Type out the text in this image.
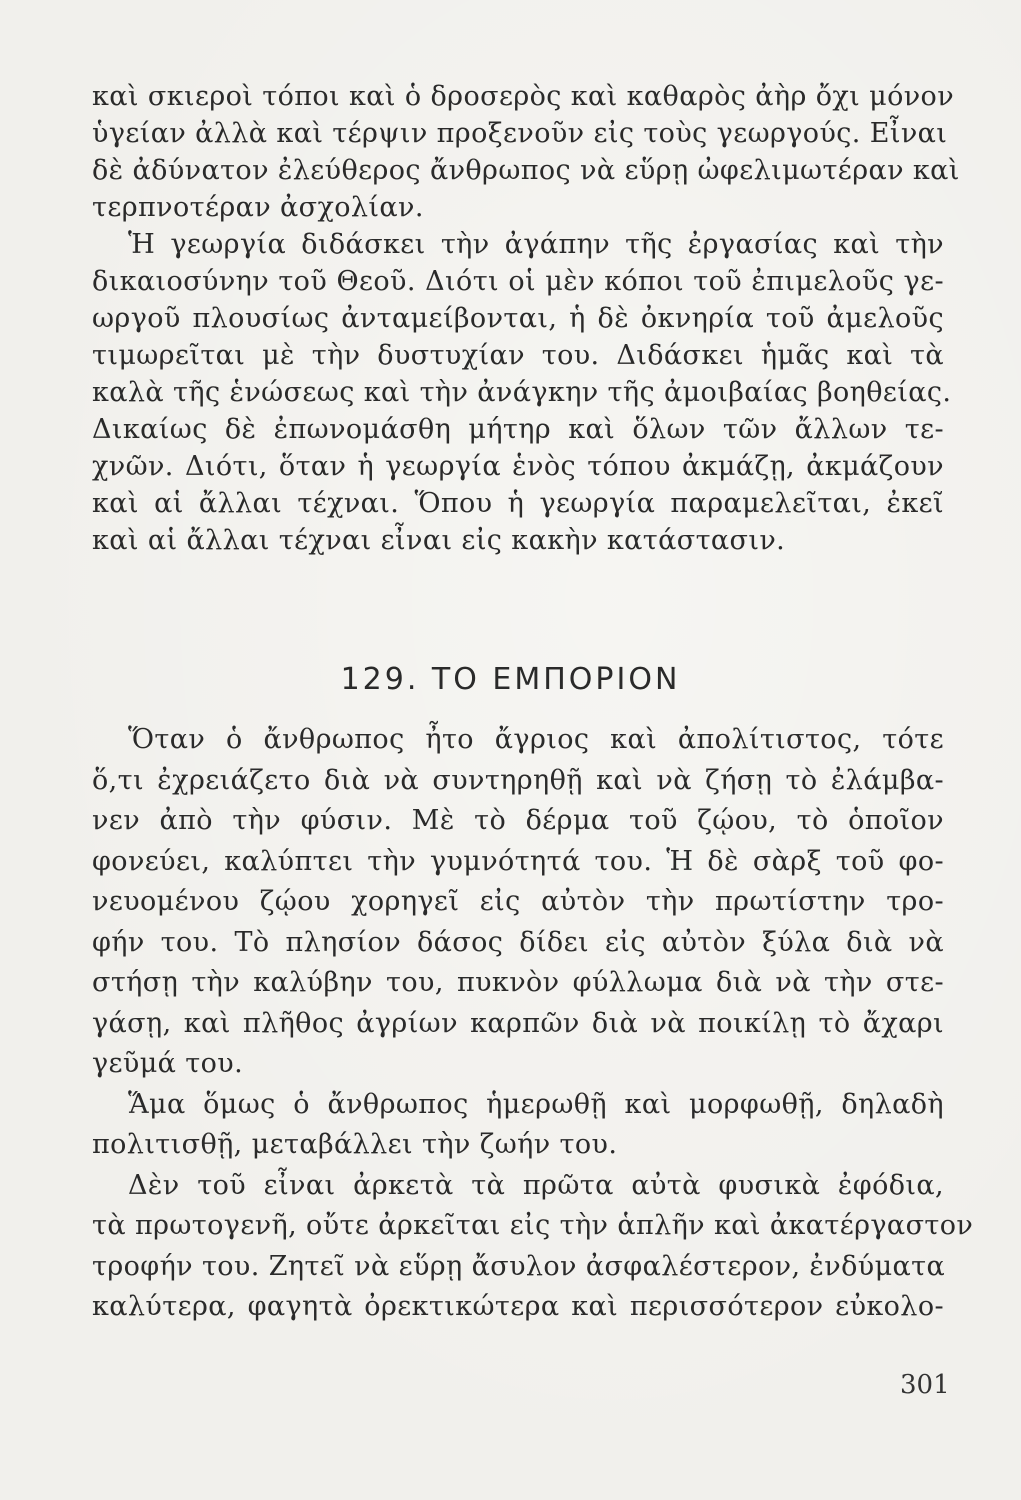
καὶ σκιεροὶ τόποι καὶ ὁ δροσερὸς καὶ καθαρὸς ἀὴρ ὄχι μόνον
ὑγείαν ἀλλὰ καὶ τέρψιν προξενοῦν εἰς τοὺς γεωργούς. Εἶναι
δὲ ἀδύνατον ἐλεύθερος ἄνθρωπος νὰ εὕρῃ ὠφελιμωτέραν καὶ
τερπνοτέραν ἀσχολίαν.
Ἡ γεωργία διδάσκει τὴν ἀγάπην τῆς ἐργασίας καὶ τὴν
δικαιοσύνην τοῦ Θεοῦ. Διότι οἱ μὲν κόποι τοῦ ἐπιμελοῦς γε-
ωργοῦ πλουσίως ἀνταμείβονται, ἡ δὲ ὀκνηρία τοῦ ἀμελοῦς
τιμωρεῖται μὲ τὴν δυστυχίαν του. Διδάσκει ἡμᾶς καὶ τὰ
καλὰ τῆς ἑνώσεως καὶ τὴν ἀνάγκην τῆς ἀμοιβαίας βοηθείας.
Δικαίως δὲ ἐπωνομάσθη μήτηρ καὶ ὅλων τῶν ἄλλων τε-
χνῶν. Διότι, ὅταν ἡ γεωργία ἑνὸς τόπου ἀκμάζῃ, ἀκμάζουν
καὶ αἱ ἄλλαι τέχναι. Ὅπου ἡ γεωργία παραμελεῖται, ἐκεῖ
καὶ αἱ ἄλλαι τέχναι εἶναι εἰς κακὴν κατάστασιν.
129. ΤΟ ΕΜΠΟΡΙΟΝ
Ὅταν ὁ ἄνθρωπος ἦτο ἄγριος καὶ ἀπολίτιστος, τότε
ὅ,τι ἐχρειάζετο διὰ νὰ συντηρηθῇ καὶ νὰ ζήσῃ τὸ ἐλάμβα-
νεν ἀπὸ τὴν φύσιν. Μὲ τὸ δέρμα τοῦ ζῴου, τὸ ὁποῖον
φονεύει, καλύπτει τὴν γυμνότητά του. Ἡ δὲ σὰρξ τοῦ φο-
νευομένου ζῴου χορηγεῖ εἰς αὐτὸν τὴν πρωτίστην τρο-
φήν του. Τὸ πλησίον δάσος δίδει εἰς αὐτὸν ξύλα διὰ νὰ
στήσῃ τὴν καλύβην του, πυκνὸν φύλλωμα διὰ νὰ τὴν στε-
γάσῃ, καὶ πλῆθος ἀγρίων καρπῶν διὰ νὰ ποικίλῃ τὸ ἄχαρι
γεῦμά του.
Ἅμα ὅμως ὁ ἄνθρωπος ἡμερωθῇ καὶ μορφωθῇ, δηλαδὴ
πολιτισθῇ, μεταβάλλει τὴν ζωήν του.
Δὲν τοῦ εἶναι ἀρκετὰ τὰ πρῶτα αὐτὰ φυσικὰ ἐφόδια,
τὰ πρωτογενῆ, οὔτε ἀρκεῖται εἰς τὴν ἁπλῆν καὶ ἀκατέργαστον
τροφήν του. Ζητεῖ νὰ εὕρῃ ἄσυλον ἀσφαλέστερον, ἐνδύματα
καλύτερα, φαγητὰ ὀρεκτικώτερα καὶ περισσότερον εὐκολο-
301
